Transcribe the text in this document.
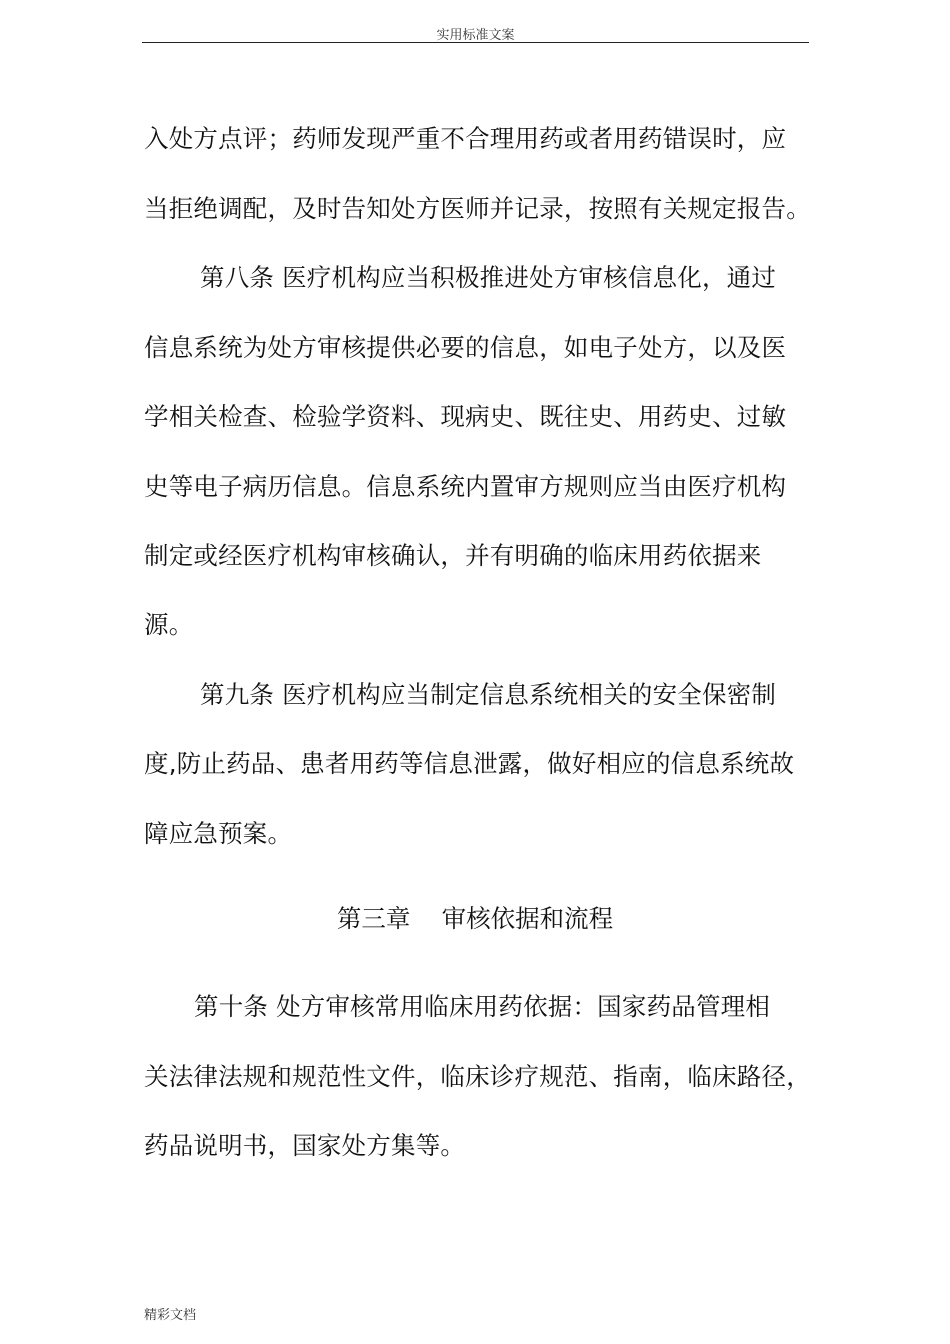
实用标准文案
入处方点评；药师发现严重不合理用药或者用药错误时，应
当拒绝调配，及时告知处方医师并记录，按照有关规定报告。
第八条 医疗机构应当积极推进处方审核信息化，通过
信息系统为处方审核提供必要的信息，如电子处方，以及医
学相关检查、检验学资料、现病史、既往史、用药史、过敏
史等电子病历信息。信息系统内置审方规则应当由医疗机构
制定或经医疗机构审核确认，并有明确的临床用药依据来
源。
第九条 医疗机构应当制定信息系统相关的安全保密制
度,防止药品、患者用药等信息泄露，做好相应的信息系统故
障应急预案。
第三章    审核依据和流程
第十条 处方审核常用临床用药依据：国家药品管理相
关法律法规和规范性文件，临床诊疗规范、指南，临床路径，
药品说明书，国家处方集等。
精彩文档
